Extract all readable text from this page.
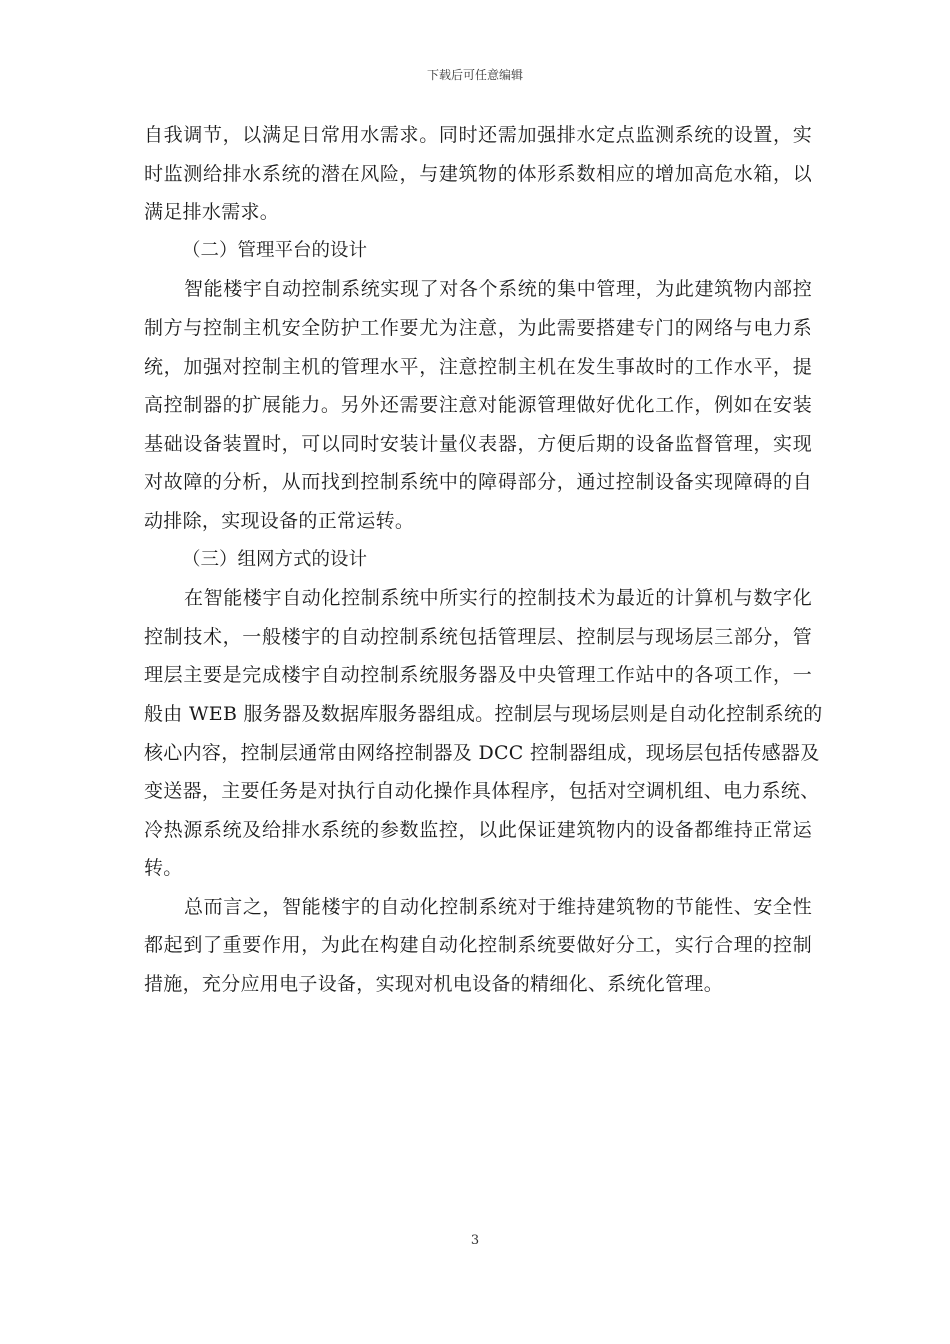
下载后可任意编辑
自我调节，以满足日常用水需求。同时还需加强排水定点监测系统的设置，实
时监测给排水系统的潜在风险，与建筑物的体形系数相应的增加高危水箱，以
满足排水需求。
（二）管理平台的设计
智能楼宇自动控制系统实现了对各个系统的集中管理，为此建筑物内部控
制方与控制主机安全防护工作要尤为注意，为此需要搭建专门的网络与电力系
统，加强对控制主机的管理水平，注意控制主机在发生事故时的工作水平，提
高控制器的扩展能力。另外还需要注意对能源管理做好优化工作，例如在安装
基础设备装置时，可以同时安装计量仪表器，方便后期的设备监督管理，实现
对故障的分析，从而找到控制系统中的障碍部分，通过控制设备实现障碍的自
动排除，实现设备的正常运转。
（三）组网方式的设计
在智能楼宇自动化控制系统中所实行的控制技术为最近的计算机与数字化
控制技术，一般楼宇的自动控制系统包括管理层、控制层与现场层三部分，管
理层主要是完成楼宇自动控制系统服务器及中央管理工作站中的各项工作，一
般由 WEB 服务器及数据库服务器组成。控制层与现场层则是自动化控制系统的
核心内容，控制层通常由网络控制器及 DCC 控制器组成，现场层包括传感器及
变送器，主要任务是对执行自动化操作具体程序，包括对空调机组、电力系统、
冷热源系统及给排水系统的参数监控，以此保证建筑物内的设备都维持正常运
转。
总而言之，智能楼宇的自动化控制系统对于维持建筑物的节能性、安全性
都起到了重要作用，为此在构建自动化控制系统要做好分工，实行合理的控制
措施，充分应用电子设备，实现对机电设备的精细化、系统化管理。
3
